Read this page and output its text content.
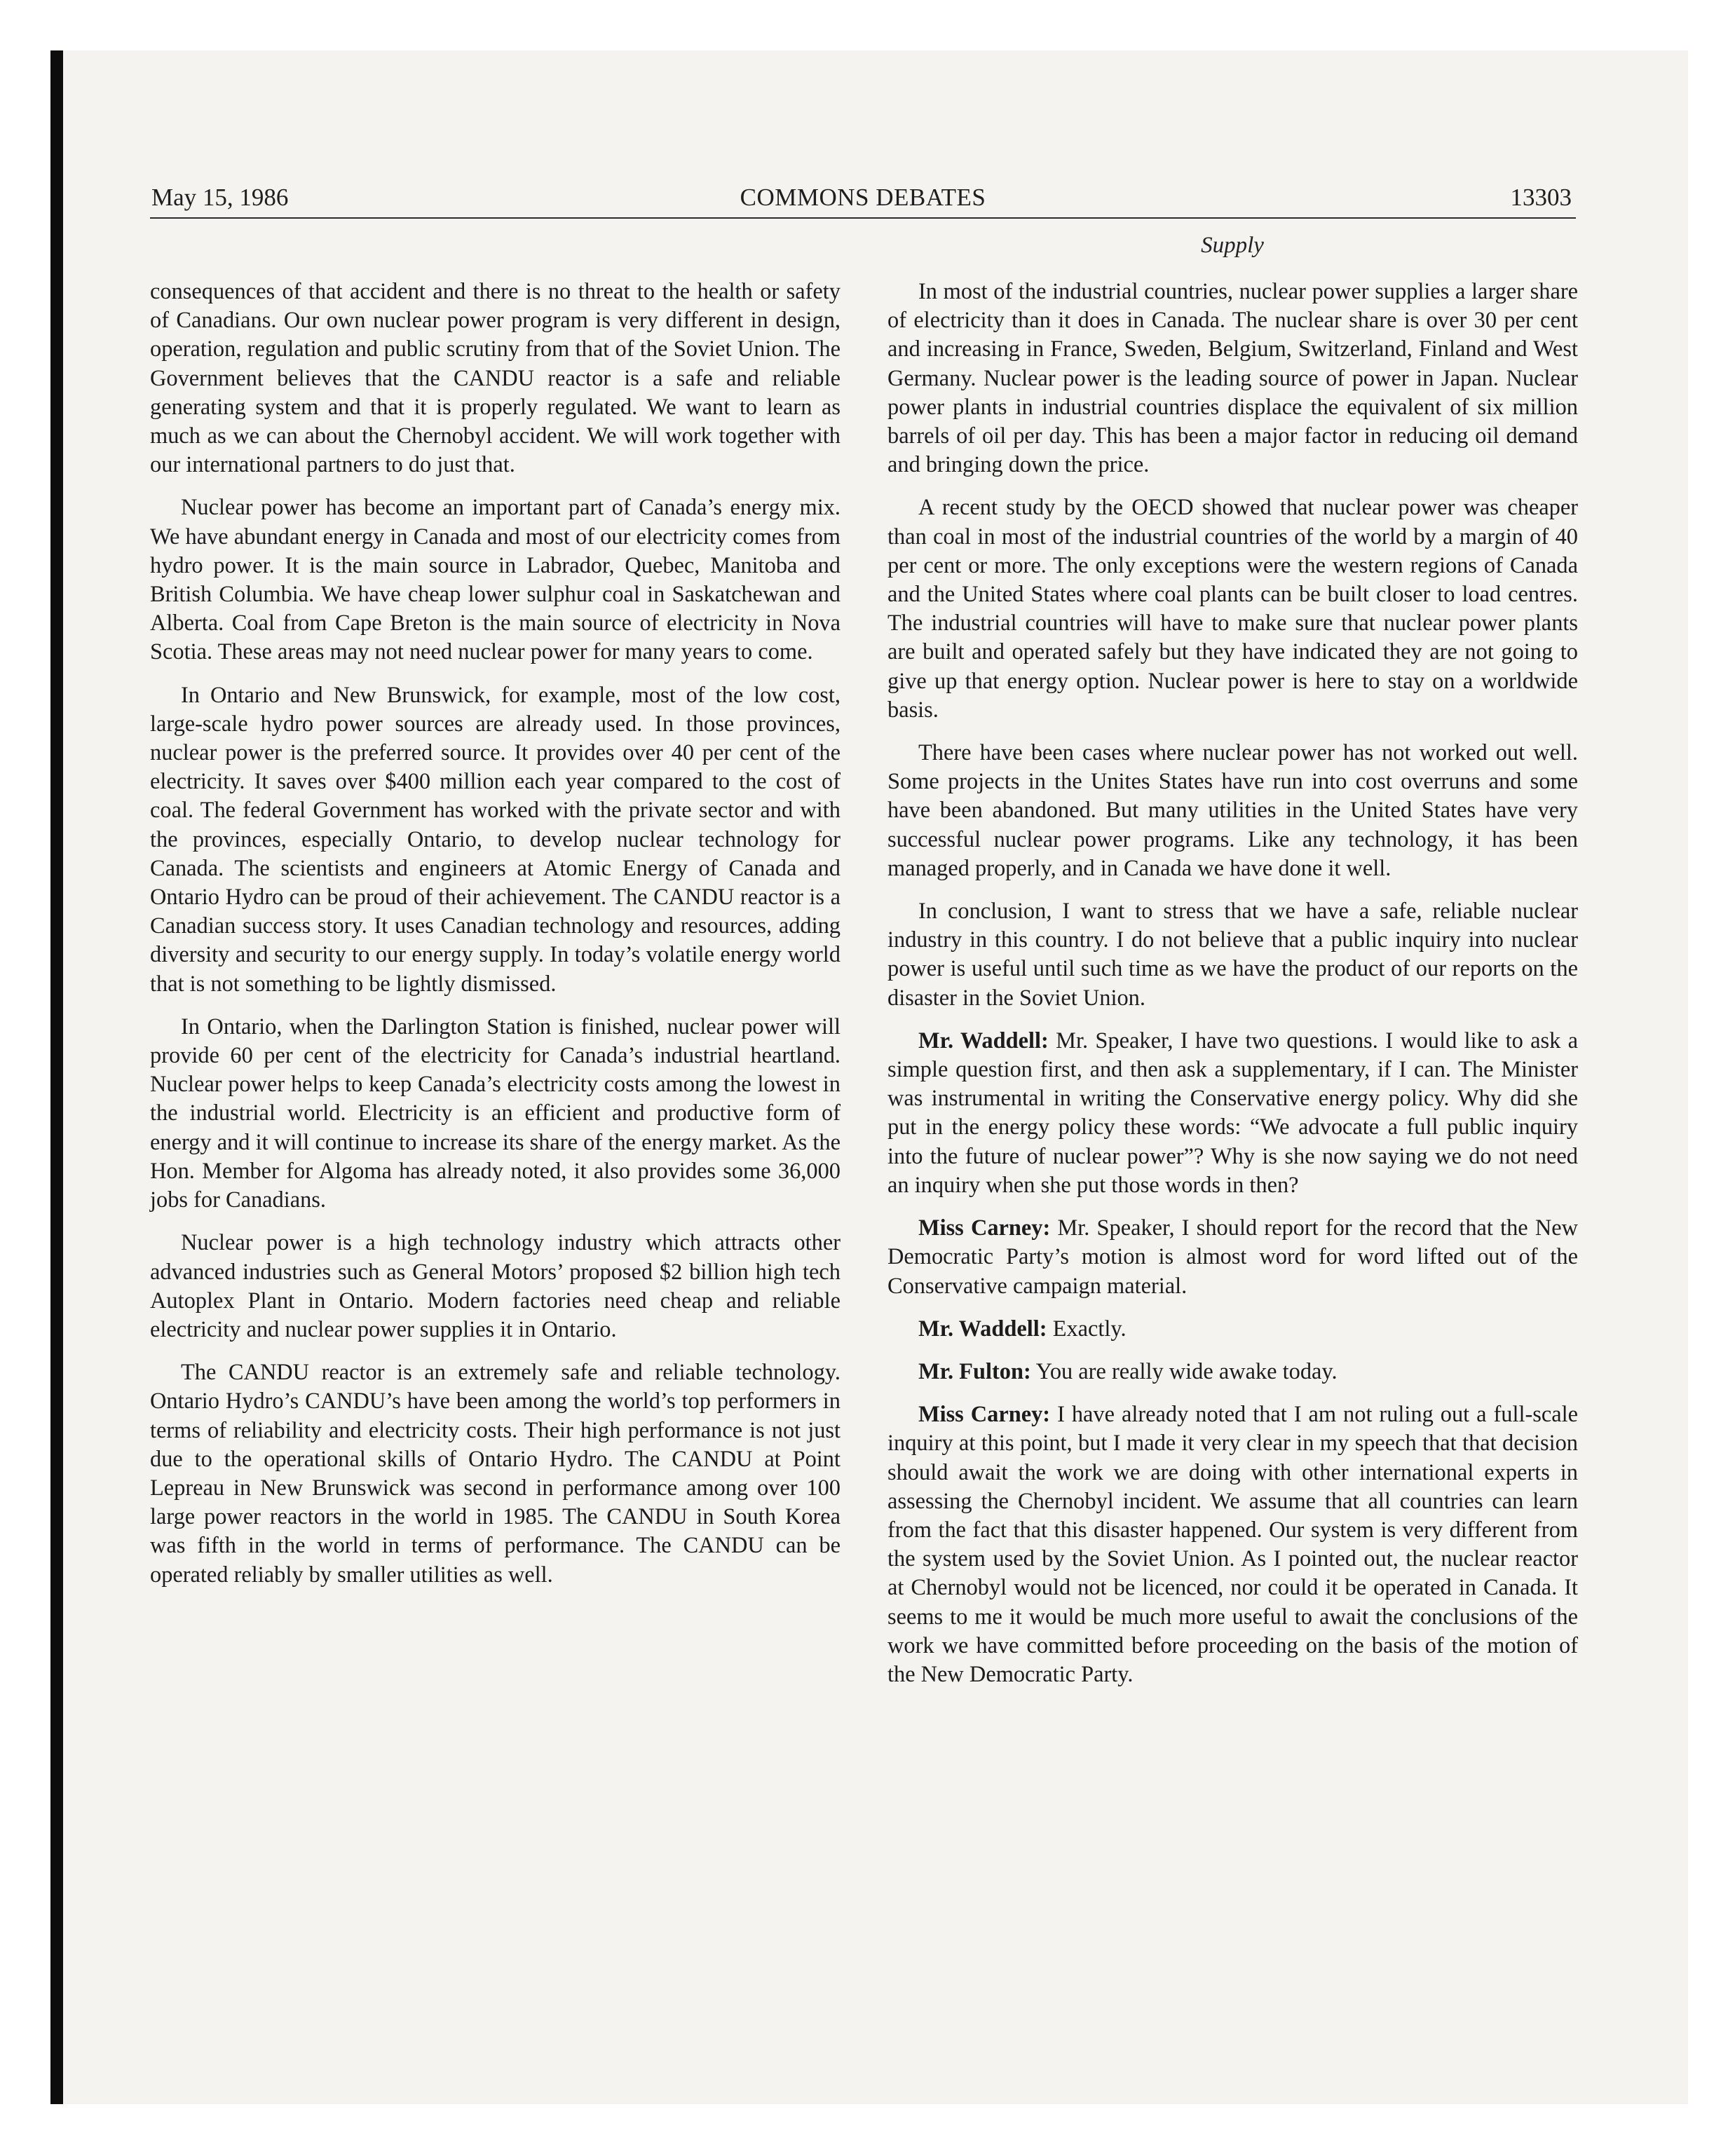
May 15, 1986	COMMONS DEBATES	13303
Supply

consequences of that accident and there is no threat to the health or safety of Canadians. Our own nuclear power program is very different in design, operation, regulation and public scrutiny from that of the Soviet Union. The Government believes that the CANDU reactor is a safe and reliable generating system and that it is properly regulated. We want to learn as much as we can about the Chernobyl accident. We will work together with our international partners to do just that.

Nuclear power has become an important part of Canada’s energy mix. We have abundant energy in Canada and most of our electricity comes from hydro power. It is the main source in Labrador, Quebec, Manitoba and British Columbia. We have cheap lower sulphur coal in Saskatchewan and Alberta. Coal from Cape Breton is the main source of electricity in Nova Scotia. These areas may not need nuclear power for many years to come.

In Ontario and New Brunswick, for example, most of the low cost, large-scale hydro power sources are already used. In those provinces, nuclear power is the preferred source. It provides over 40 per cent of the electricity. It saves over $400 million each year compared to the cost of coal. The federal Government has worked with the private sector and with the provinces, especially Ontario, to develop nuclear technology for Canada. The scientists and engineers at Atomic Energy of Canada and Ontario Hydro can be proud of their achievement. The CANDU reactor is a Canadian success story. It uses Canadian technology and resources, adding diversity and security to our energy supply. In today’s volatile energy world that is not something to be lightly dismissed.

In Ontario, when the Darlington Station is finished, nuclear power will provide 60 per cent of the electricity for Canada’s industrial heartland. Nuclear power helps to keep Canada’s electricity costs among the lowest in the industrial world. Electricity is an efficient and productive form of energy and it will continue to increase its share of the energy market. As the Hon. Member for Algoma has already noted, it also provides some 36,000 jobs for Canadians.

Nuclear power is a high technology industry which attracts other advanced industries such as General Motors’ proposed $2 billion high tech Autoplex Plant in Ontario. Modern factories need cheap and reliable electricity and nuclear power supplies it in Ontario.

The CANDU reactor is an extremely safe and reliable technology. Ontario Hydro’s CANDU’s have been among the world’s top performers in terms of reliability and electricity costs. Their high performance is not just due to the operational skills of Ontario Hydro. The CANDU at Point Lepreau in New Brunswick was second in performance among over 100 large power reactors in the world in 1985. The CANDU in South Korea was fifth in the world in terms of performance. The CANDU can be operated reliably by smaller utilities as well.

In most of the industrial countries, nuclear power supplies a larger share of electricity than it does in Canada. The nuclear share is over 30 per cent and increasing in France, Sweden, Belgium, Switzerland, Finland and West Germany. Nuclear power is the leading source of power in Japan. Nuclear power plants in industrial countries displace the equivalent of six million barrels of oil per day. This has been a major factor in reducing oil demand and bringing down the price.

A recent study by the OECD showed that nuclear power was cheaper than coal in most of the industrial countries of the world by a margin of 40 per cent or more. The only exceptions were the western regions of Canada and the United States where coal plants can be built closer to load centres. The industrial countries will have to make sure that nuclear power plants are built and operated safely but they have indicated they are not going to give up that energy option. Nuclear power is here to stay on a worldwide basis.

There have been cases where nuclear power has not worked out well. Some projects in the Unites States have run into cost overruns and some have been abandoned. But many utilities in the United States have very successful nuclear power programs. Like any technology, it has been managed properly, and in Canada we have done it well.

In conclusion, I want to stress that we have a safe, reliable nuclear industry in this country. I do not believe that a public inquiry into nuclear power is useful until such time as we have the product of our reports on the disaster in the Soviet Union.

Mr. Waddell: Mr. Speaker, I have two questions. I would like to ask a simple question first, and then ask a supplementary, if I can. The Minister was instrumental in writing the Conservative energy policy. Why did she put in the energy policy these words: “We advocate a full public inquiry into the future of nuclear power”? Why is she now saying we do not need an inquiry when she put those words in then?

Miss Carney: Mr. Speaker, I should report for the record that the New Democratic Party’s motion is almost word for word lifted out of the Conservative campaign material.

Mr. Waddell: Exactly.

Mr. Fulton: You are really wide awake today.

Miss Carney: I have already noted that I am not ruling out a full-scale inquiry at this point, but I made it very clear in my speech that that decision should await the work we are doing with other international experts in assessing the Chernobyl incident. We assume that all countries can learn from the fact that this disaster happened. Our system is very different from the system used by the Soviet Union. As I pointed out, the nuclear reactor at Chernobyl would not be licenced, nor could it be operated in Canada. It seems to me it would be much more useful to await the conclusions of the work we have committed before proceeding on the basis of the motion of the New Democratic Party.
